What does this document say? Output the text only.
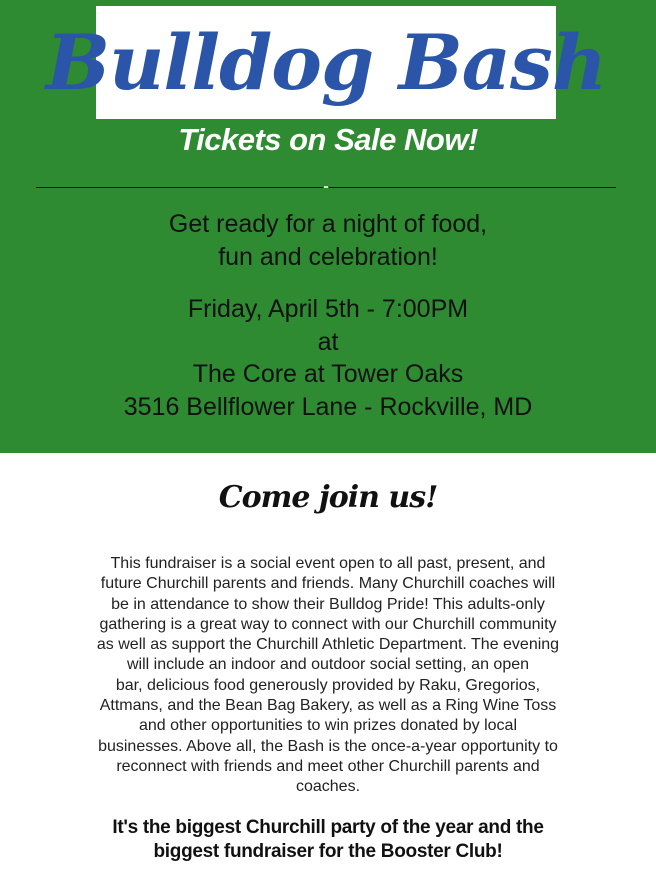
Bulldog Bash
Tickets on Sale Now!
Get ready for a night of food,
fun and celebration!
Friday, April 5th - 7:00PM
at
The Core at Tower Oaks
3516 Bellflower Lane - Rockville, MD
Come join us!
This fundraiser is a social event open to all past, present, and
future Churchill parents and friends. Many Churchill coaches will
be in attendance to show their Bulldog Pride! This adults-only
gathering is a great way to connect with our Churchill community
as well as support the Churchill Athletic Department. The evening
will include an indoor and outdoor social setting, an open
bar, delicious food generously provided by Raku, Gregorios,
Attmans, and the Bean Bag Bakery, as well as a Ring Wine Toss
and other opportunities to win prizes donated by local
businesses. Above all, the Bash is the once-a-year opportunity to
reconnect with friends and meet other Churchill parents and
coaches.
It's the biggest Churchill party of the year and the
biggest fundraiser for the Booster Club!
